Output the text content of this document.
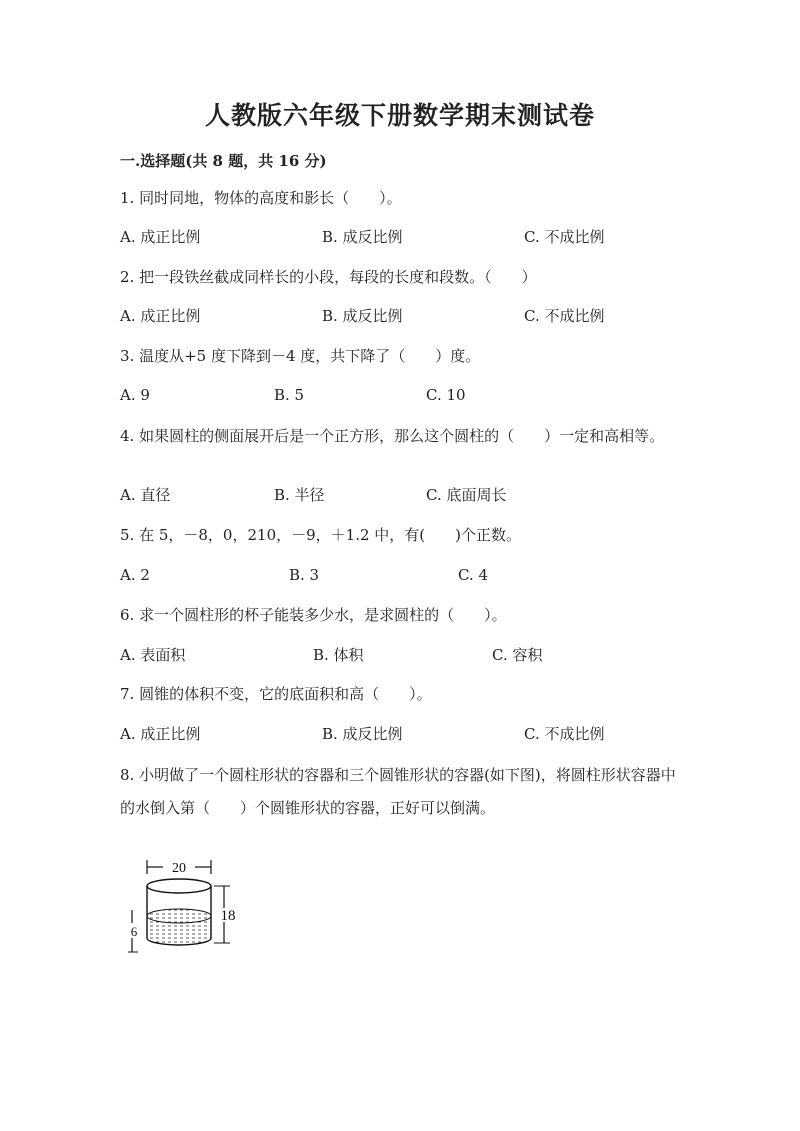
人教版六年级下册数学期末测试卷
一.选择题(共 8 题，共 16 分)
1. 同时同地，物体的高度和影长（　　）。
A. 成正比例	B. 成反比例	C. 不成比例
2. 把一段铁丝截成同样长的小段，每段的长度和段数。（　　）
A. 成正比例	B. 成反比例	C. 不成比例
3. 温度从+5 度下降到－4 度，共下降了（　　）度。
A. 9	B. 5	C. 10
4. 如果圆柱的侧面展开后是一个正方形，那么这个圆柱的（　　）一定和高相等。
A. 直径	B. 半径	C. 底面周长
5. 在 5，－8，0，210，－9，＋1.2 中，有(　　)个正数。
A. 2	B. 3	C. 4
6. 求一个圆柱形的杯子能装多少水，是求圆柱的（　　）。
A. 表面积	B. 体积	C. 容积
7. 圆锥的体积不变，它的底面积和高（　　）。
A. 成正比例	B. 成反比例	C. 不成比例
8. 小明做了一个圆柱形状的容器和三个圆锥形状的容器(如下图)，将圆柱形状容器中的水倒入第（　　）个圆锥形状的容器，正好可以倒满。
20
18
6
